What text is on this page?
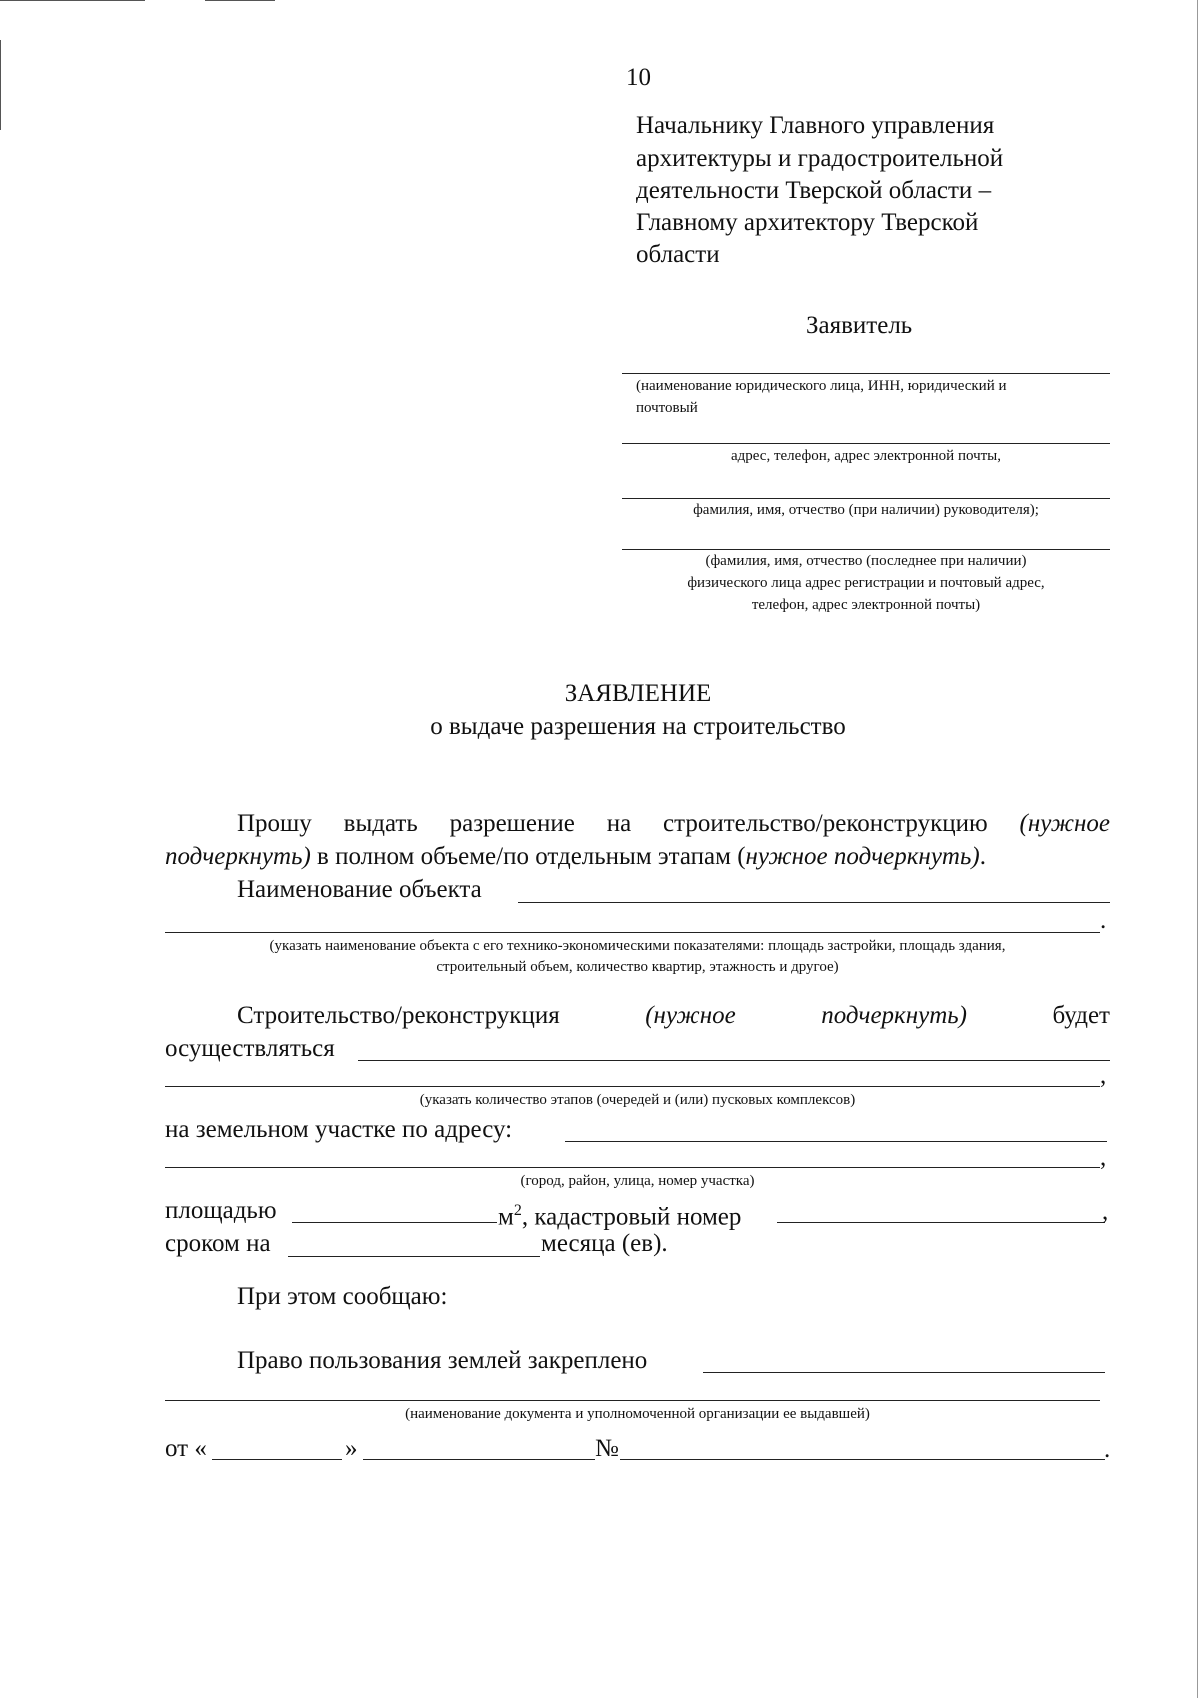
10
Начальнику Главного управления
архитектуры и градостроительной
деятельности Тверской области –
Главному архитектору Тверской
области
Заявитель
(наименование юридического лица, ИНН, юридический и
почтовый
адрес, телефон, адрес электронной почты,
фамилия, имя, отчество (при наличии) руководителя);
(фамилия, имя, отчество (последнее при наличии)
физического лица адрес регистрации и почтовый адрес,
телефон, адрес электронной почты)
ЗАЯВЛЕНИЕ
о выдаче разрешения на строительство
Прошу выдать разрешение на строительство/реконструкцию (нужное
подчеркнуть) в полном объеме/по отдельным этапам (нужное подчеркнуть).
Наименование объекта
.
(указать наименование объекта с его технико-экономическими показателями: площадь застройки, площадь здания,
строительный объем, количество квартир, этажность и другое)
Строительство/реконструкция	(нужное	подчеркнуть)	будет
осуществляться
,
(указать количество этапов (очередей и (или) пусковых комплексов)
на земельном участке по адресу:
,
(город, район, улица, номер участка)
площадью	$м^2$, кадастровый номер	,
сроком на	месяца (ев).
При этом сообщаю:
Право пользования землей закреплено
(наименование документа и уполномоченной организации ее выдавшей)
от «	»	№	.
